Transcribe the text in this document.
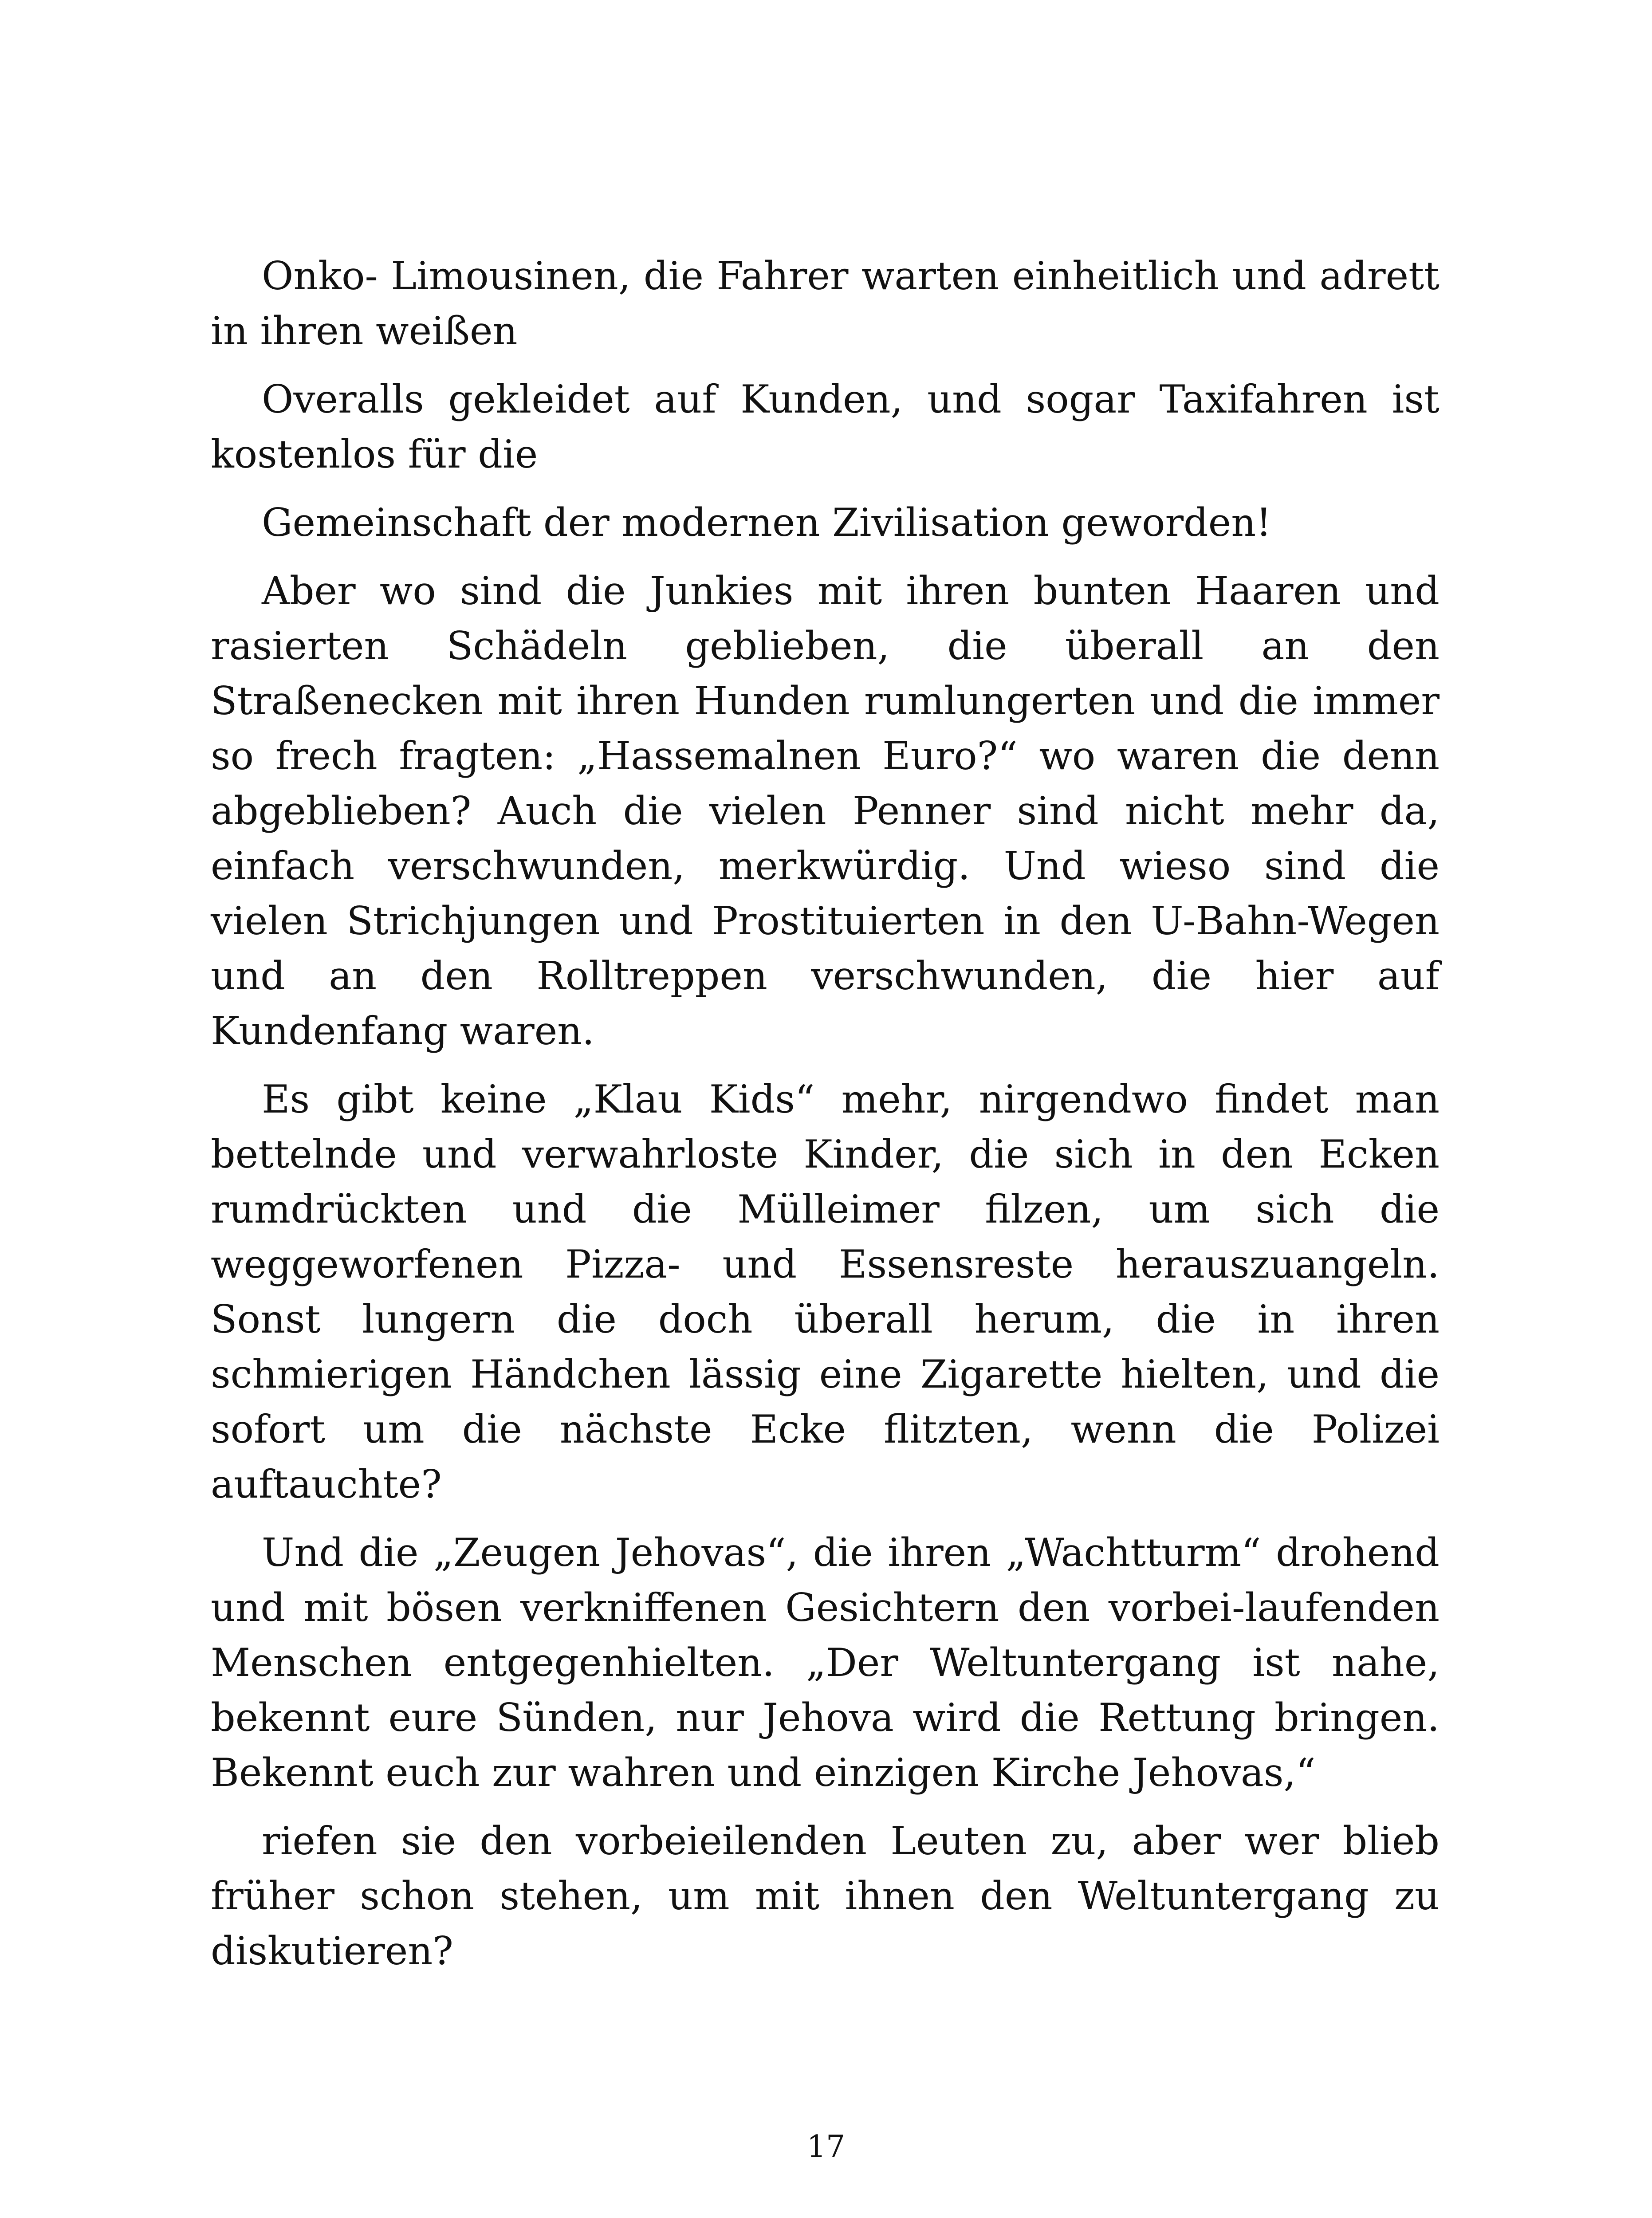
Onko- Limousinen, die Fahrer warten einheitlich und adrett in ihren weißen

Overalls gekleidet auf Kunden, und sogar Taxifahren ist kostenlos für die

Gemeinschaft der modernen Zivilisation geworden!

Aber wo sind die Junkies mit ihren bunten Haaren und rasierten Schädeln geblieben, die überall an den Straßenecken mit ihren Hunden rumlungerten und die immer so frech fragten: „Hassemalnen Euro?“ wo waren die denn abgeblieben? Auch die vielen Penner sind nicht mehr da, einfach verschwunden, merkwürdig. Und wieso sind die vielen Strichjungen und Prostituierten in den U-Bahn-Wegen und an den Rolltreppen verschwunden, die hier auf Kundenfang waren.

Es gibt keine „Klau Kids“ mehr, nirgendwo findet man bettelnde und verwahrloste Kinder, die sich in den Ecken rumdrückten und die Mülleimer filzen, um sich die weggeworfenen Pizza- und Essensreste herauszuangeln. Sonst lungern die doch überall herum, die in ihren schmierigen Händchen lässig eine Zigarette hielten, und die sofort um die nächste Ecke flitzten, wenn die Polizei auftauchte?

Und die „Zeugen Jehovas“, die ihren „Wachtturm“ drohend und mit bösen verkniffenen Gesichtern den vorbei-laufenden Menschen entgegenhielten. „Der Weltuntergang ist nahe, bekennt eure Sünden, nur Jehova wird die Rettung bringen. Bekennt euch zur wahren und einzigen Kirche Jehovas,“

riefen sie den vorbeieilenden Leuten zu, aber wer blieb früher schon stehen, um mit ihnen den Weltuntergang zu diskutieren?

17
